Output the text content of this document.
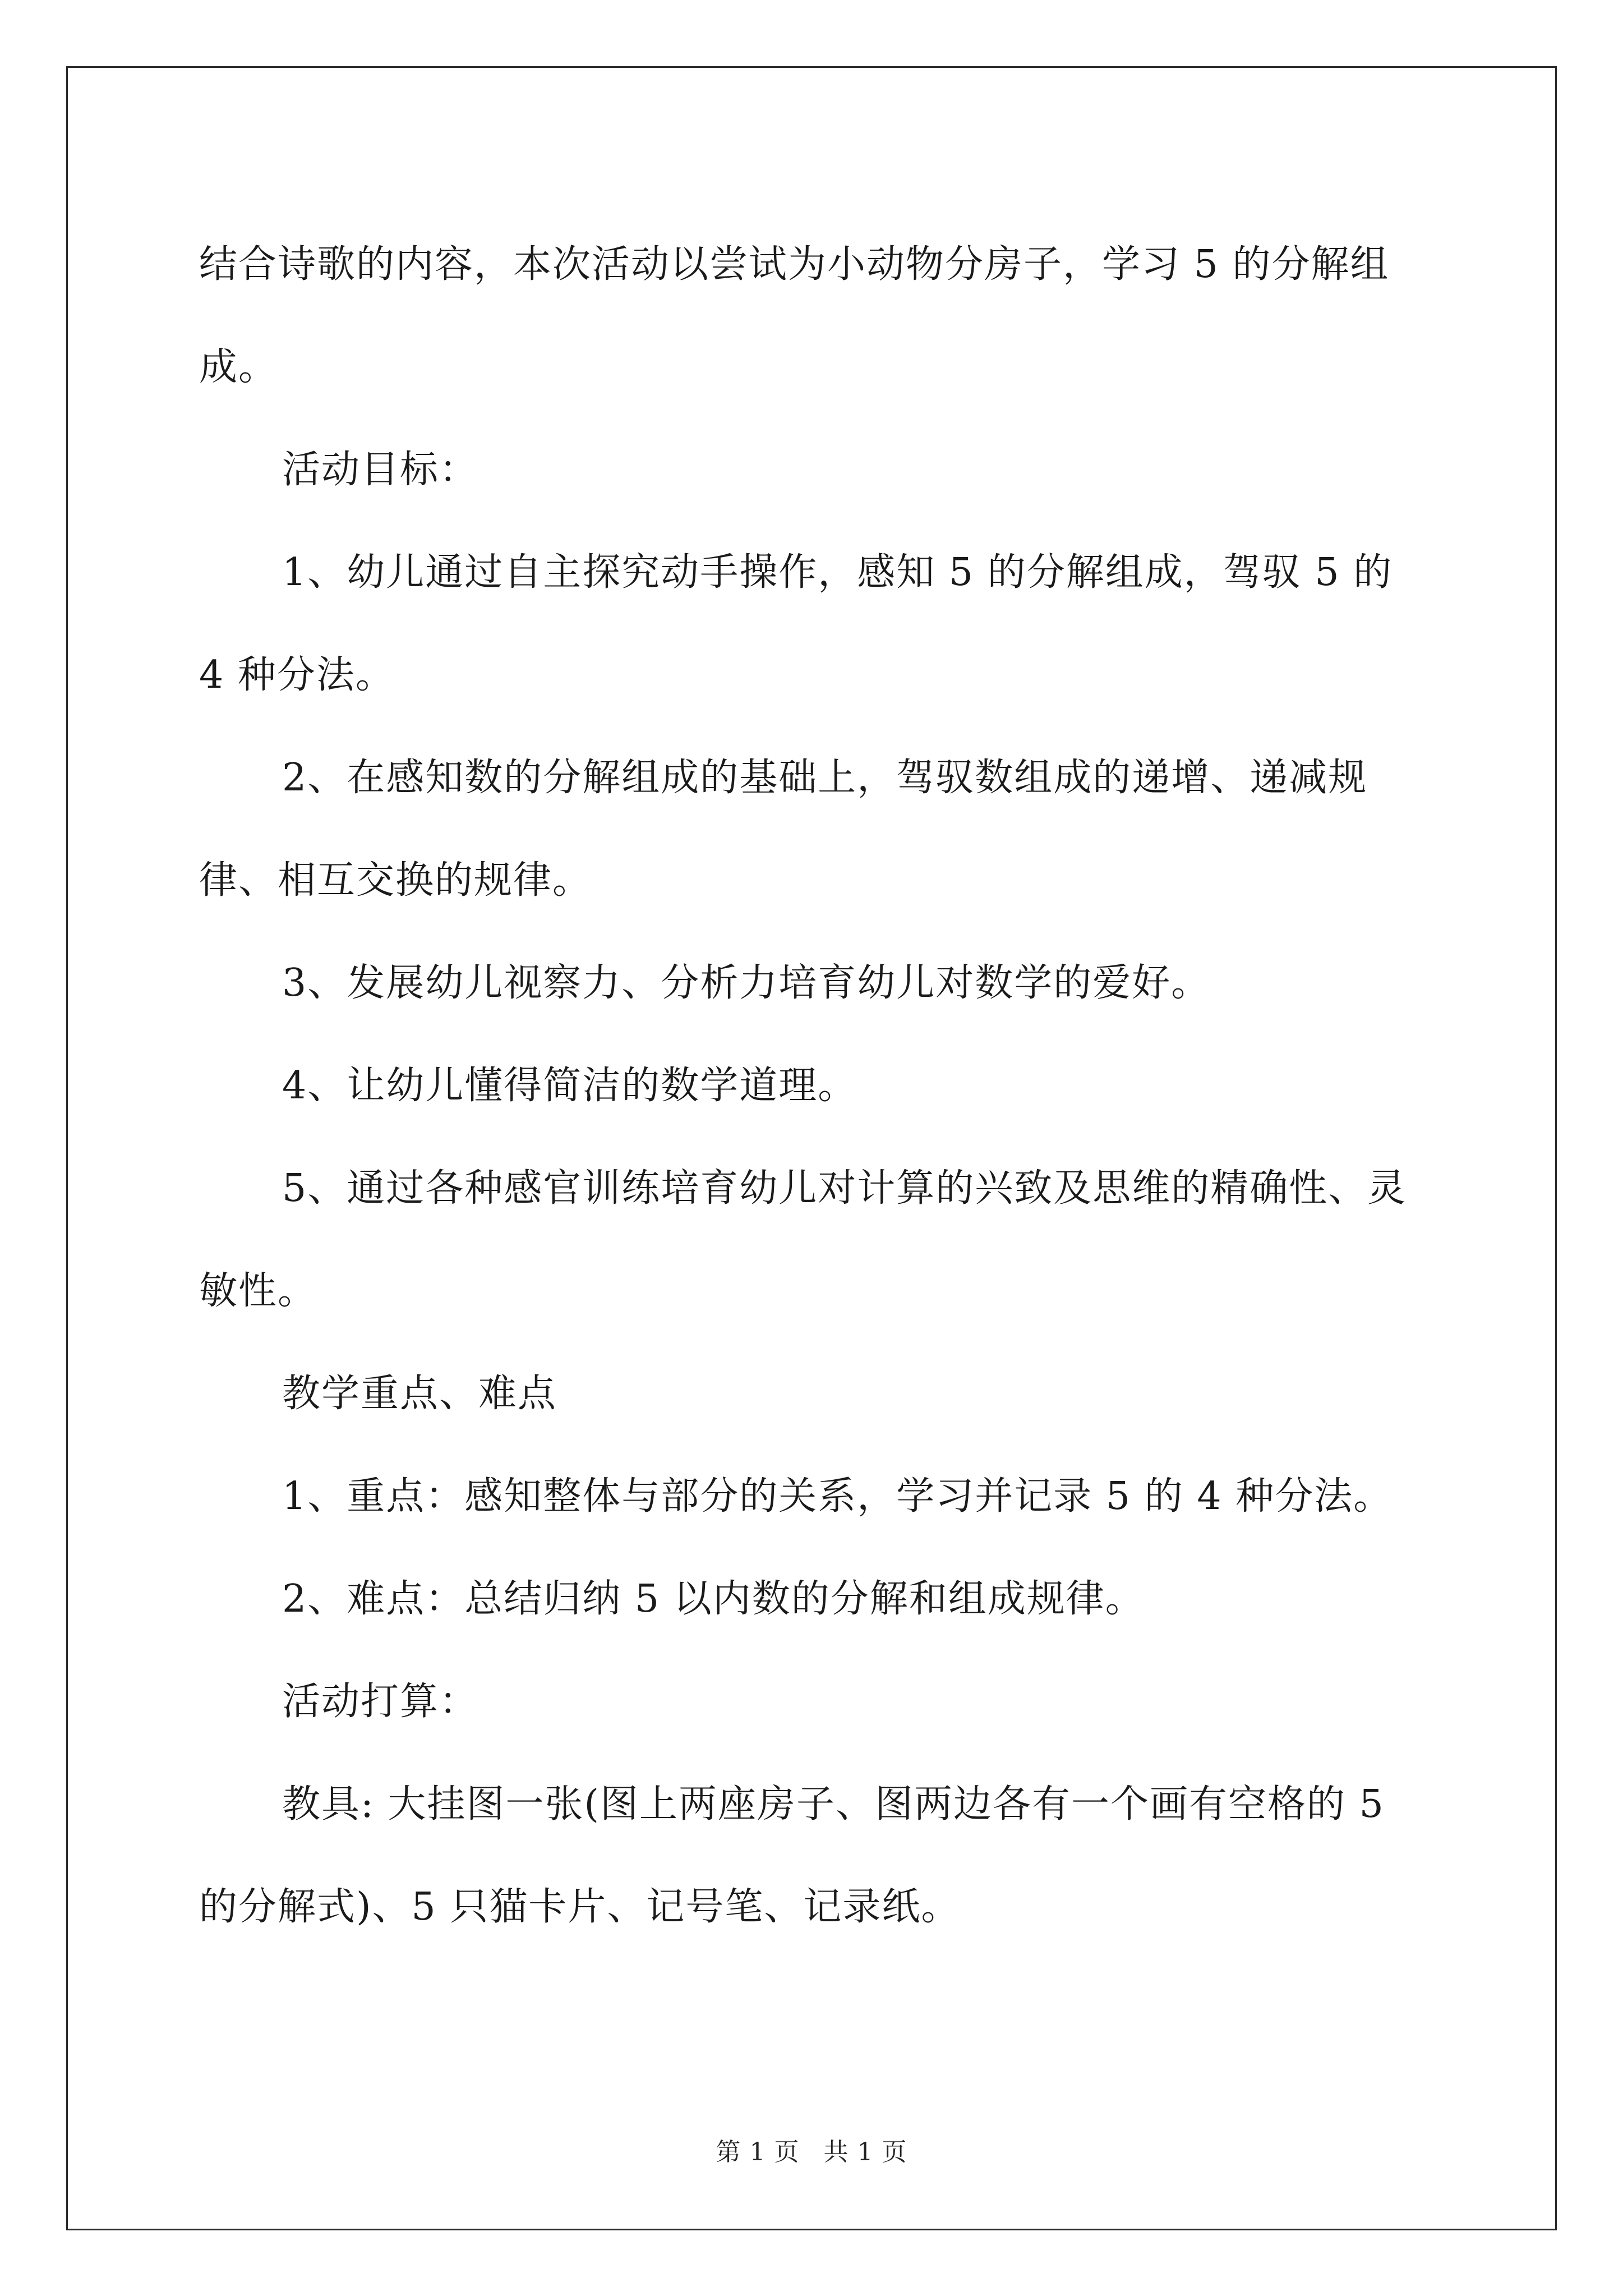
结合诗歌的内容，本次活动以尝试为小动物分房子，学习 5 的分解组成。

活动目标：

1、幼儿通过自主探究动手操作，感知 5 的分解组成，驾驭 5 的 4 种分法。

2、在感知数的分解组成的基础上，驾驭数组成的递增、递减规律、相互交换的规律。

3、发展幼儿视察力、分析力培育幼儿对数学的爱好。

4、让幼儿懂得简洁的数学道理。

5、通过各种感官训练培育幼儿对计算的兴致及思维的精确性、灵敏性。

教学重点、难点

1、重点：感知整体与部分的关系，学习并记录 5 的 4 种分法。

2、难点：总结归纳 5 以内数的分解和组成规律。

活动打算：

教具: 大挂图一张(图上两座房子、图两边各有一个画有空格的 5 的分解式)、5 只猫卡片、记号笔、记录纸。

第 1 页 共 1 页
